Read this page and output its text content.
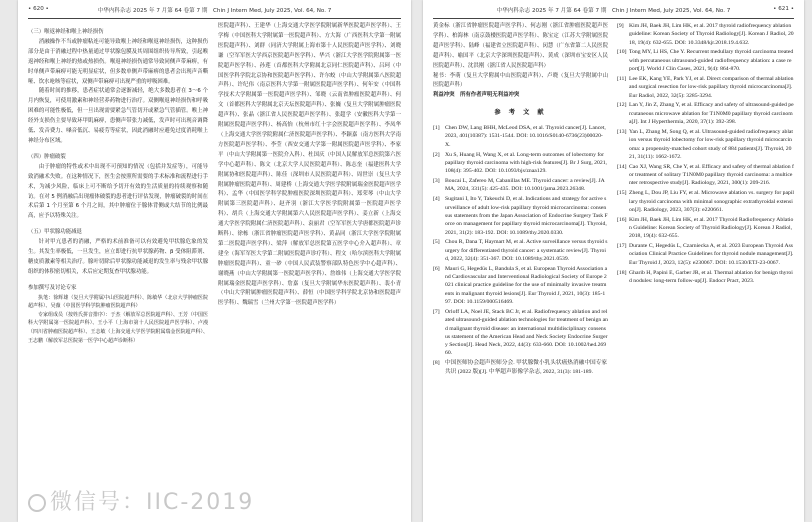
• 620 •	中华内科杂志 2025 年 7 月第 64 卷第 7 期　Chin J Intern Med, July 2025, Vol. 64, No. 7

（三）喉返神经和喉上神经损伤

消融操作不当或肿瘤粘连可能导致喉上神经和喉返神经损伤，这种损伤部分是由于消融过程中热量通过甲状腺包膜及其周围组织传导所致，引起喉返神经和喉上神经的热或热损伤。喉返神经损伤通常导致同侧声带麻痹，有时单侧声带麻痹可能无明显症状，但多数单侧声带麻痹的患者会出现声音嘶哑、饮水呛咳等症状，双侧声带麻痹可出现严重的呼吸困难。

随着时间的推移，患者症状通常会逐渐减轻，绝大多数患者在 3～6 个月内恢复，可使用激素和神经营养药物进行治疗。双侧喉返神经损伤和呼吸困难的可能性极低，但一旦出现需要紧急气管切开或紧急气管插管。喉上神经外支损伤主要导致环甲肌麻痹，患侧声带张力减低，发声时可出现音调降低、发音费力、嗓音低沉、易疲劳等症状，因此消融时应避免过度消耗喉上神经分布区域。

（四）肿瘤破裂

由于肿瘤的特性或术中出现不可预知的情况（包括并发症等），可能导致消融术失败。在这种情况下，医生会按照所需要的手术标准和流程进行手术，为减少风险，临床上可不断给予切开有效的生活质量的持续观察和随访。在对 5 例消融后出现瘤体破裂的患者进行评估发现，肿瘤破裂的时间在术后第 1 个月至第 6 个月之间，其中肿瘤位于腺体背侧或大结节的比例最高，应予以特殊关注。

（五）甲状腺功能减退

针对甲亢患者的消融，严格的术前准备可以有效避免甲状腺危象的发生。其发生率极低，一旦发生，应立即进行抗甲状腺药物、β 受体阻滞剂、糖皮质激素等相关治疗。腺叶切除后甲状腺功能减退的发生率与残余甲状腺组织的体积密切相关，术后应定期复查甲状腺功能。

参加撰写及讨论专家

执笔：徐辉雄（复旦大学附属中山医院超声科）、陈敏华（北京大学肿瘤医院超声科）、吴薇（中国医学科学院肿瘤医院超声科）

专家组成员（按姓氏拼音排序）：于杰（解放军总医院超声科）、王芳（中国医科大学附属第一医院超声科）、王小平（上海市第十人民医院超声医学科）、卢漫（四川省肿瘤医院超声科）、王志敏（上海交通大学医学院附属瑞金医院超声科）、王志鹏（解放军总医院第一医学中心超声诊断科）

医院超声科）、王建华（上海交通大学医学院附属新华医院超声医学科）、王学梅（中国医科大学附属第一医院超声科）、方大海（广西医科大学第一附属医院超声科）、刘群（同济大学附属上海市第十人民医院超声医学科）、刘晓谦（空军军医大学西京医院超声医学科）、华兴（浙江大学医学院附属第一医院超声医学科）、孙莲（首都医科大学附属北京同仁医院超声科）、吕珂（中国医学科学院北京协和医院超声医学科）、许尔蛟（中山大学附属第八医院超声科）、许纪伟（南京医科大学第一附属医院超声医学科）、何年安（中国科学技术大学附属第一医院超声医学科）、邹晓（云南省肿瘤医院超声科）、何文（首都医科大学附属北京天坛医院超声科）、张巍（复旦大学附属肿瘤医院超声科）、张晶（浙江省人民医院超声医学科）、张超学（安徽医科大学第一附属医院超声医学科）、杨高怡（杭州市红十字会医院超声医学科）、李凤华（上海交通大学医学院附属仁济医院超声医学科）、李颖嘉（南方医科大学南方医院超声医学科）、李莹（西安交通大学第一附属医院超声医学科）、李家平（中山大学附属第一医院介入科）、杜国庆（中国人民解放军总医院第六医学中心超声科）、陈文（北京大学人民医院超声科）、陈志奎（福建医科大学附属协和医院超声科）、陈佳（深圳市人民医院超声科）、周世崇（复旦大学附属肿瘤医院超声科）、周建桥（上海交通大学医学院附属瑞金医院超声医学科）、孟华（中国医学科学院肿瘤医院深圳医院超声科）、郑荣琴（中山大学附属第三医院超声科）、赵齐羽（浙江大学医学院附属第一医院超声医学科）、胡兵（上海交通大学附属第六人民医院超声医学科）、姜立新（上海交通大学医学院附属仁济医院超声科）、袁丽君（空军军医大学唐都医院超声诊断科）、徐栋（浙江省肿瘤医院超声医学科）、黄品同（浙江大学医学院附属第二医院超声医学科）、梁萍（解放军总医院第五医学中心介入超声科）、章建全（海军军医大学第二附属医院超声诊疗科）、程文（哈尔滨医科大学附属肿瘤医院超声科）、童一砂（中国人民武装警察部队特色医学中心超声科）、谢晓燕（中山大学附属第一医院超声医学科）、詹维伟（上海交通大学医学院附属瑞金医院超声医学科）、詹嘉（复旦大学附属华东医院超声科）、裴小青（中山大学附属肿瘤医院超声科）、薛恒（中国医学科学院北京协和医院超声医学科）、魏瑞雪（兰州大学第一医院超声医学科）

微信号：IIC-2019
中华内科杂志 2025 年 7 月第 64 卷第 7 期　Chin J Intern Med, July 2025, Vol. 64, No. 7	• 621 •

黄金标（浙江省肿瘤医院超声医学科）、何志刚（浙江省肿瘤医院超声医学科）、柏海林（南京鼓楼医院超声医学科）、陈宝定（江苏大学附属医院超声医学科）、陆峰（福建省立医院超声科）、闵慧（广东省第二人民医院超声科）、喻国平（北京大学深圳医院超声科）、黄成（深圳市宝安区人民医院超声科）、沈洪刚（浙江省人民医院超声科）

秘书：李萌（复旦大学附属中山医院超声科）、卢晓（复旦大学附属中山医院超声科）

利益冲突　所有作者声明无利益冲突

参 考 文 献
[1] Chen DW, Lang BHH, McLeod DSA, et al. Thyroid cancer[J]. Lancet, 2023, 401(10387): 1531-1544. DOI: 10.1016/S0140-6736(23)00020-X.
[2] Xu S, Huang H, Wang X, et al. Long-term outcomes of lobectomy for papillary thyroid carcinoma with high-risk features[J]. Br J Surg, 2021, 108(4): 395-402. DOI: 10.1093/bjs/znaa129.
[3] Boucai L, Zafereo M, Cabanillas ME. Thyroid cancer: a review[J]. JAMA, 2024, 331(5): 425-435. DOI: 10.1001/jama.2023.26348.
[4] Sugitani I, Ito Y, Takeuchi D, et al. Indications and strategy for active surveillance of adult low-risk papillary thyroid microcarcinoma: consensus statements from the Japan Association of Endocrine Surgery Task Force on management for papillary thyroid microcarcinoma[J]. Thyroid, 2021, 31(2): 183-192. DOI: 10.1089/thy.2020.0330.
[5] Chou R, Dana T, Haymart M, et al. Active surveillance versus thyroid surgery for differentiated thyroid cancer: a systematic review[J]. Thyroid, 2022, 32(4): 351-367. DOI: 10.1089/thy.2021.0539.
[6] Mauri G, Hegedüs L, Bandula S, et al. European Thyroid Association and Cardiovascular and Interventional Radiological Society of Europe 2021 clinical practice guideline for the use of minimally invasive treatments in malignant thyroid lesions[J]. Eur Thyroid J, 2021, 10(3): 185-197. DOI: 10.1159/000516469.
[7] Orloff LA, Noel JE, Stack BC Jr, et al. Radiofrequency ablation and related ultrasound-guided ablation technologies for treatment of benign and malignant thyroid disease: an international multidisciplinary consensus statement of the American Head and Neck Society Endocrine Surgery Section[J]. Head Neck, 2022, 44(3): 633-660. DOI: 10.1002/hed.26960.
[8] 中国医师协会超声医师分会. 甲状腺微小乳头状癌热消融中国专家共识 (2022 版)[J]. 中华超声影像学杂志, 2022, 31(3): 181-189.
[9] Kim JH, Baek JH, Lim HK, et al. 2017 thyroid radiofrequency ablation guideline: Korean Society of Thyroid Radiology[J]. Korean J Radiol, 2018, 19(4): 632-655. DOI: 10.3348/kjr.2018.19.4.632.
[10] Tong MY, Li HS, Che Y. Recurrent medullary thyroid carcinoma treated with percutaneous ultrasound-guided radiofrequency ablation: a case report[J]. World J Clin Cases, 2021, 9(4): 864-870.
[11] Lee EK, Kang YE, Park YJ, et al. Direct comparison of thermal ablation and surgical resection for low-risk papillary thyroid microcarcinoma[J]. Eur Radiol, 2022, 32(5): 3285-3294.
[12] Lan Y, Jin Z, Zhang Y, et al. Efficacy and safety of ultrasound-guided percutaneous microwave ablation for T1N0M0 papillary thyroid carcinoma[J]. Int J Hyperthermia, 2020, 37(1): 392-398.
[13] Yan L, Zhang M, Song Q, et al. Ultrasound-guided radiofrequency ablation versus thyroid lobectomy for low-risk papillary thyroid microcarcinoma: a propensity-matched cohort study of 884 patients[J]. Thyroid, 2021, 31(11): 1662-1672.
[14] Cao XJ, Wang SR, Che Y, et al. Efficacy and safety of thermal ablation for treatment of solitary T1N0M0 papillary thyroid carcinoma: a multicenter retrospective study[J]. Radiology, 2021, 300(1): 209-216.
[15] Zheng L, Dou JP, Liu FY, et al. Microwave ablation vs. surgery for papillary thyroid carcinoma with minimal sonographic extrathyroidal extension[J]. Radiology, 2023, 307(3): e220661.
[16] Kim JH, Baek JH, Lim HK, et al. 2017 Thyroid Radiofrequency Ablation Guideline: Korean Society of Thyroid Radiology[J]. Korean J Radiol, 2018, 19(4): 632-655.
[17] Durante C, Hegedüs L, Czarniecka A, et al. 2023 European Thyroid Association Clinical Practice Guidelines for thyroid nodule management[J]. Eur Thyroid J, 2023, 12(5): e230067. DOI: 10.1530/ETJ-23-0067.
[18] Gharib H, Papini E, Garber JR, et al. Thermal ablation for benign thyroid nodules: long-term follow-up[J]. Endocr Pract, 2023.
